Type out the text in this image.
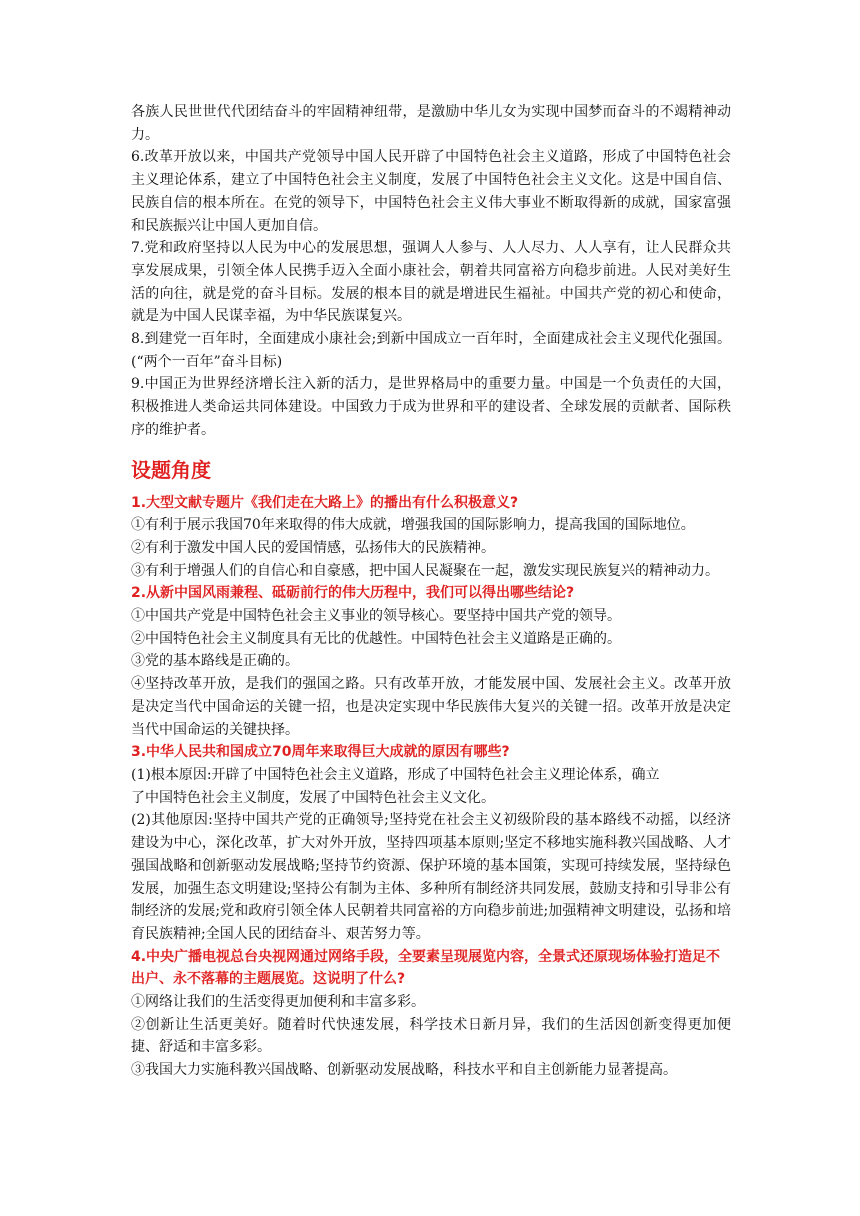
各族人民世世代代团结奋斗的牢固精神纽带，是激励中华儿女为实现中国梦而奋斗的不竭精神动力。

6.改革开放以来，中国共产党领导中国人民开辟了中国特色社会主义道路，形成了中国特色社会主义理论体系，建立了中国特色社会主义制度，发展了中国特色社会主义文化。这是中国自信、民族自信的根本所在。在党的领导下，中国特色社会主义伟大事业不断取得新的成就，国家富强和民族振兴让中国人更加自信。

7.党和政府坚持以人民为中心的发展思想，强调人人参与、人人尽力、人人享有，让人民群众共享发展成果，引领全体人民携手迈入全面小康社会，朝着共同富裕方向稳步前进。人民对美好生活的向往，就是党的奋斗目标。发展的根本目的就是增进民生福祉。中国共产党的初心和使命，就是为中国人民谋幸福，为中华民族谋复兴。

8.到建党一百年时，全面建成小康社会;到新中国成立一百年时，全面建成社会主义现代化强国。(“两个一百年”奋斗目标)

9.中国正为世界经济增长注入新的活力，是世界格局中的重要力量。中国是一个负责任的大国，积极推进人类命运共同体建设。中国致力于成为世界和平的建设者、全球发展的贡献者、国际秩序的维护者。

设题角度

1.大型文献专题片《我们走在大路上》的播出有什么积极意义?

①有利于展示我国70年来取得的伟大成就，增强我国的国际影响力，提高我国的国际地位。

②有利于激发中国人民的爱国情感，弘扬伟大的民族精神。

③有利于增强人们的自信心和自豪感，把中国人民凝聚在一起，激发实现民族复兴的精神动力。

2.从新中国风雨兼程、砥砺前行的伟大历程中，我们可以得出哪些结论?

①中国共产党是中国特色社会主义事业的领导核心。要坚持中国共产党的领导。

②中国特色社会主义制度具有无比的优越性。中国特色社会主义道路是正确的。

③党的基本路线是正确的。

④坚持改革开放，是我们的强国之路。只有改革开放，才能发展中国、发展社会主义。改革开放是决定当代中国命运的关键一招，也是决定实现中华民族伟大复兴的关键一招。改革开放是决定当代中国命运的关键抉择。

3.中华人民共和国成立70周年来取得巨大成就的原因有哪些?

(1)根本原因:开辟了中国特色社会主义道路，形成了中国特色社会主义理论体系，确立
了中国特色社会主义制度，发展了中国特色社会主义文化。

(2)其他原因:坚持中国共产党的正确领导;坚持党在社会主义初级阶段的基本路线不动摇，以经济建设为中心，深化改革，扩大对外开放，坚持四项基本原则;坚定不移地实施科教兴国战略、人才强国战略和创新驱动发展战略;坚持节约资源、保护环境的基本国策，实现可持续发展，坚持绿色发展，加强生态文明建设;坚持公有制为主体、多种所有制经济共同发展，鼓励支持和引导非公有制经济的发展;党和政府引领全体人民朝着共同富裕的方向稳步前进;加强精神文明建设，弘扬和培育民族精神;全国人民的团结奋斗、艰苦努力等。

4.中央广播电视总台央视网通过网络手段，全要素呈现展览内容，全景式还原现场体验打造足不出户、永不落幕的主题展览。这说明了什么?

①网络让我们的生活变得更加便利和丰富多彩。

②创新让生活更美好。随着时代快速发展，科学技术日新月异，我们的生活因创新变得更加便捷、舒适和丰富多彩。

③我国大力实施科教兴国战略、创新驱动发展战略，科技水平和自主创新能力显著提高。
